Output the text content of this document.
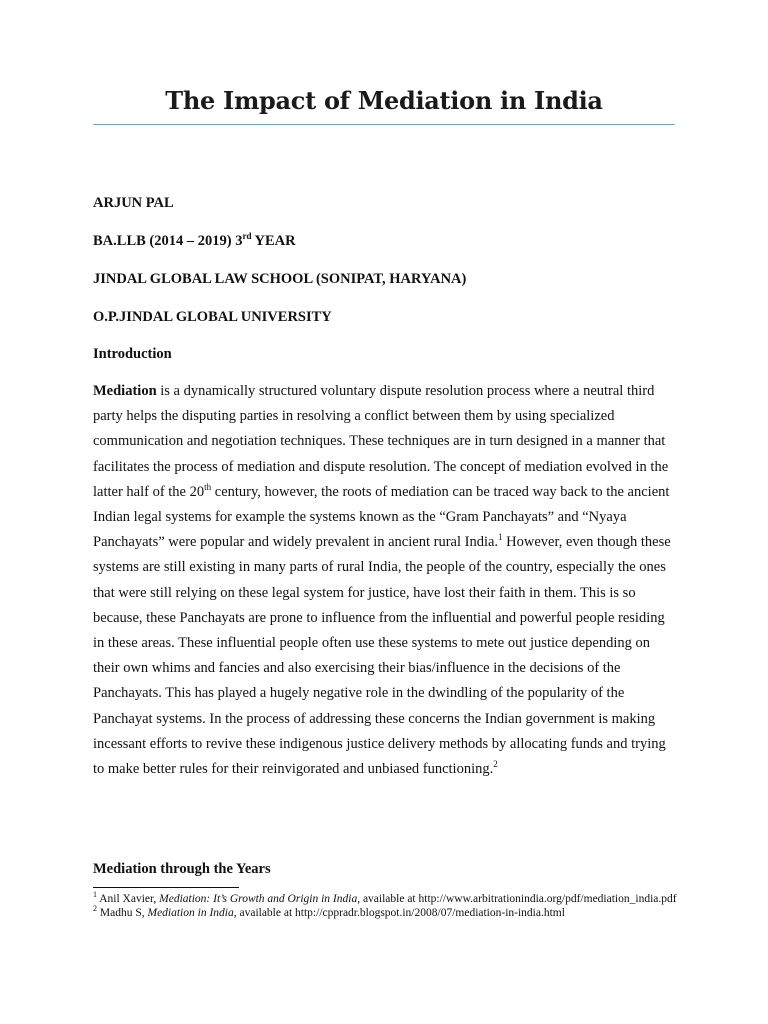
The Impact of Mediation in India

ARJUN PAL

BA.LLB (2014 – 2019) 3rd YEAR

JINDAL GLOBAL LAW SCHOOL (SONIPAT, HARYANA)

O.P.JINDAL GLOBAL UNIVERSITY

Introduction

Mediation is a dynamically structured voluntary dispute resolution process where a neutral third party helps the disputing parties in resolving a conflict between them by using specialized communication and negotiation techniques. These techniques are in turn designed in a manner that facilitates the process of mediation and dispute resolution. The concept of mediation evolved in the latter half of the 20th century, however, the roots of mediation can be traced way back to the ancient Indian legal systems for example the systems known as the “Gram Panchayats” and “Nyaya Panchayats” were popular and widely prevalent in ancient rural India.$^1$ However, even though these systems are still existing in many parts of rural India, the people of the country, especially the ones that were still relying on these legal system for justice, have lost their faith in them. This is so because, these Panchayats are prone to influence from the influential and powerful people residing in these areas. These influential people often use these systems to mete out justice depending on their own whims and fancies and also exercising their bias/influence in the decisions of the Panchayats. This has played a hugely negative role in the dwindling of the popularity of the Panchayat systems. In the process of addressing these concerns the Indian government is making incessant efforts to revive these indigenous justice delivery methods by allocating funds and trying to make better rules for their reinvigorated and unbiased functioning.$^2$

Mediation through the Years

$^1$ Anil Xavier, Mediation: It’s Growth and Origin in India, available at http://www.arbitrationindia.org/pdf/mediation_india.pdf

$^2$ Madhu S, Mediation in India, available at http://cppradr.blogspot.in/2008/07/mediation-in-india.html
